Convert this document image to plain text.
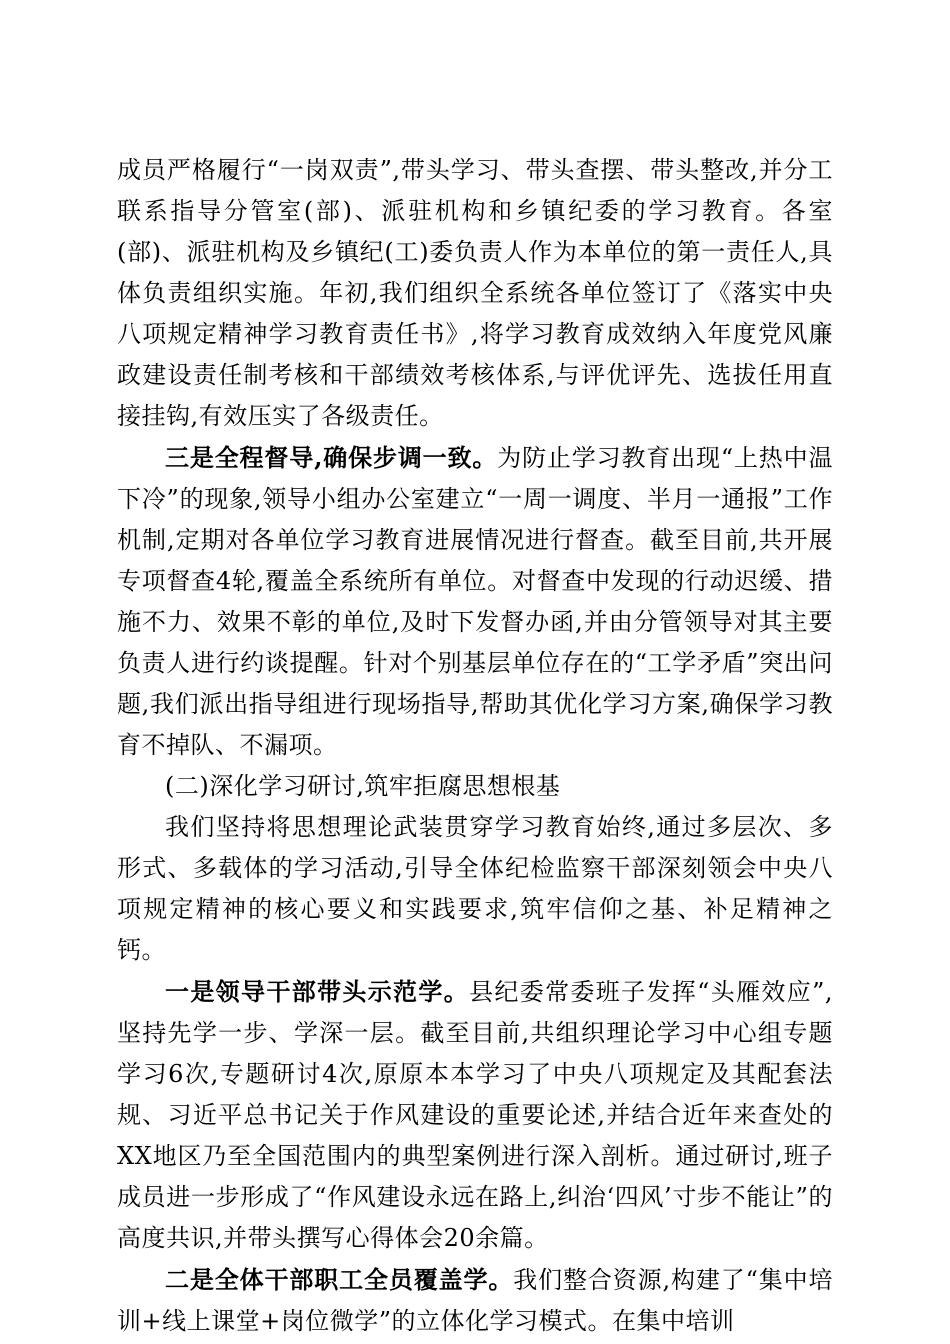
成员严格履行“一岗双责”,带头学习、带头查摆、带头整改,并分工联系指导分管室(部)、派驻机构和乡镇纪委的学习教育。各室(部)、派驻机构及乡镇纪(工)委负责人作为本单位的第一责任人,具体负责组织实施。年初,我们组织全系统各单位签订了《落实中央八项规定精神学习教育责任书》,将学习教育成效纳入年度党风廉政建设责任制考核和干部绩效考核体系,与评优评先、选拔任用直接挂钩,有效压实了各级责任。

三是全程督导,确保步调一致。为防止学习教育出现“上热中温下冷”的现象,领导小组办公室建立“一周一调度、半月一通报”工作机制,定期对各单位学习教育进展情况进行督查。截至目前,共开展专项督查4轮,覆盖全系统所有单位。对督查中发现的行动迟缓、措施不力、效果不彰的单位,及时下发督办函,并由分管领导对其主要负责人进行约谈提醒。针对个别基层单位存在的“工学矛盾”突出问题,我们派出指导组进行现场指导,帮助其优化学习方案,确保学习教育不掉队、不漏项。

(二)深化学习研讨,筑牢拒腐思想根基

我们坚持将思想理论武装贯穿学习教育始终,通过多层次、多形式、多载体的学习活动,引导全体纪检监察干部深刻领会中央八项规定精神的核心要义和实践要求,筑牢信仰之基、补足精神之钙。

一是领导干部带头示范学。县纪委常委班子发挥“头雁效应”,坚持先学一步、学深一层。截至目前,共组织理论学习中心组专题学习6次,专题研讨4次,原原本本学习了中央八项规定及其配套法规、习近平总书记关于作风建设的重要论述,并结合近年来查处的XX地区乃至全国范围内的典型案例进行深入剖析。通过研讨,班子成员进一步形成了“作风建设永远在路上,纠治‘四风’寸步不能让”的高度共识,并带头撰写心得体会20余篇。

二是全体干部职工全员覆盖学。我们整合资源,构建了“集中培训+线上课堂+岗位微学”的立体化学习模式。在集中培训
